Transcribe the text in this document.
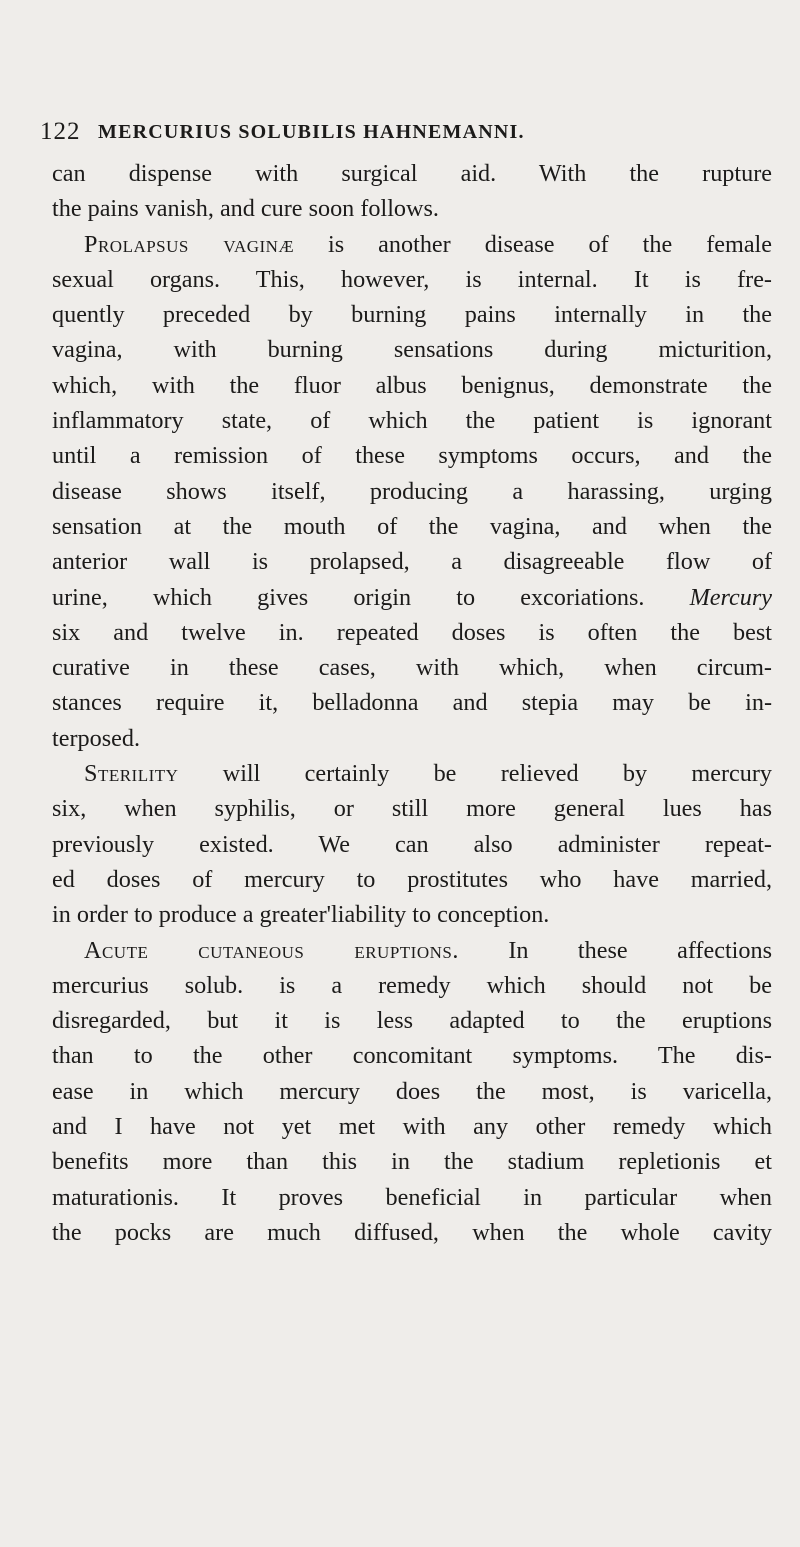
122 MERCURIUS SOLUBILIS HAHNEMANNI.
can dispense with surgical aid. With the rupture
the pains vanish, and cure soon follows.
Prolapsus vaginæ is another disease of the female
sexual organs. This, however, is internal. It is fre-
quently preceded by burning pains internally in the
vagina, with burning sensations during micturition,
which, with the fluor albus benignus, demonstrate the
inflammatory state, of which the patient is ignorant
until a remission of these symptoms occurs, and the
disease shows itself, producing a harassing, urging
sensation at the mouth of the vagina, and when the
anterior wall is prolapsed, a disagreeable flow of
urine, which gives origin to excoriations. Mercury
six and twelve in. repeated doses is often the best
curative in these cases, with which, when circum-
stances require it, belladonna and stepia may be in-
terposed.
Sterility will certainly be relieved by mercury
six, when syphilis, or still more general lues has
previously existed. We can also administer repeat-
ed doses of mercury to prostitutes who have married,
in order to produce a greater'liability to conception.
Acute cutaneous eruptions. In these affections
mercurius solub. is a remedy which should not be
disregarded, but it is less adapted to the eruptions
than to the other concomitant symptoms. The dis-
ease in which mercury does the most, is varicella,
and I have not yet met with any other remedy which
benefits more than this in the stadium repletionis et
maturationis. It proves beneficial in particular when
the pocks are much diffused, when the whole cavity
